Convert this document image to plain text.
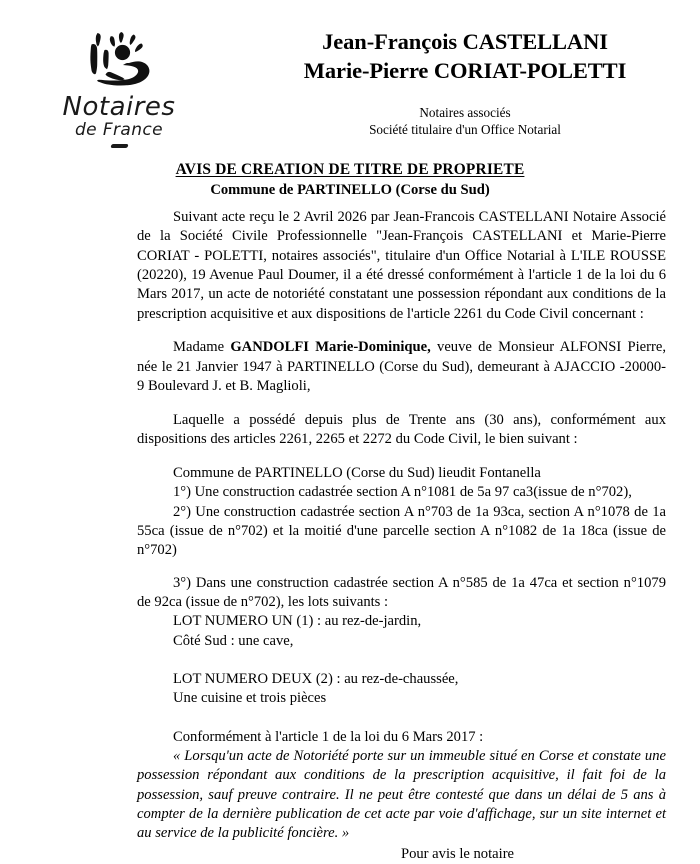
Notaires
de France
Jean-François CASTELLANI
Marie-Pierre CORIAT-POLETTI
Notaires associés
Société titulaire d'un Office Notarial
AVIS DE CREATION DE TITRE DE PROPRIETE
Commune de PARTINELLO (Corse du Sud)

Suivant acte reçu le 2 Avril 2026 par Jean-Francois CASTELLANI Notaire Associé de la Société Civile Professionnelle "Jean-François CASTELLANI et Marie-Pierre CORIAT - POLETTI, notaires associés", titulaire d'un Office Notarial à L'ILE ROUSSE (20220), 19 Avenue Paul Doumer, il a été dressé conformément à l'article 1 de la loi du 6 Mars 2017, un acte de notoriété constatant une possession répondant aux conditions de la prescription acquisitive et aux dispositions de l'article 2261 du Code Civil concernant :

Madame GANDOLFI Marie-Dominique, veuve de Monsieur ALFONSI Pierre, née le 21 Janvier 1947 à PARTINELLO (Corse du Sud), demeurant à AJACCIO -20000- 9 Boulevard J. et B. Maglioli,

Laquelle a possédé depuis plus de Trente ans (30 ans), conformément aux dispositions des articles 2261, 2265 et 2272 du Code Civil, le bien suivant :

Commune de PARTINELLO (Corse du Sud) lieudit Fontanella

1°) Une construction cadastrée section A n°1081 de 5a 97 ca3(issue de n°702),

2°) Une construction cadastrée section A n°703 de 1a 93ca, section A n°1078 de 1a 55ca (issue de n°702) et la moitié d'une parcelle section A n°1082 de 1a 18ca (issue de n°702)

3°) Dans une construction cadastrée section A n°585 de 1a 47ca et section n°1079 de 92ca (issue de n°702), les lots suivants :

LOT NUMERO UN (1) : au rez-de-jardin,

Côté Sud : une cave,

LOT NUMERO DEUX (2) : au rez-de-chaussée,

Une cuisine et trois pièces

Conformément à l'article 1 de la loi du 6 Mars 2017 :

« Lorsqu'un acte de Notoriété porte sur un immeuble situé en Corse et constate une possession répondant aux conditions de la prescription acquisitive, il fait foi de la possession, sauf preuve contraire. Il ne peut être contesté que dans un délai de 5 ans à compter de la dernière publication de cet acte par voie d'affichage, sur un site internet et au service de la publicité foncière. »

Pour avis le notaire
